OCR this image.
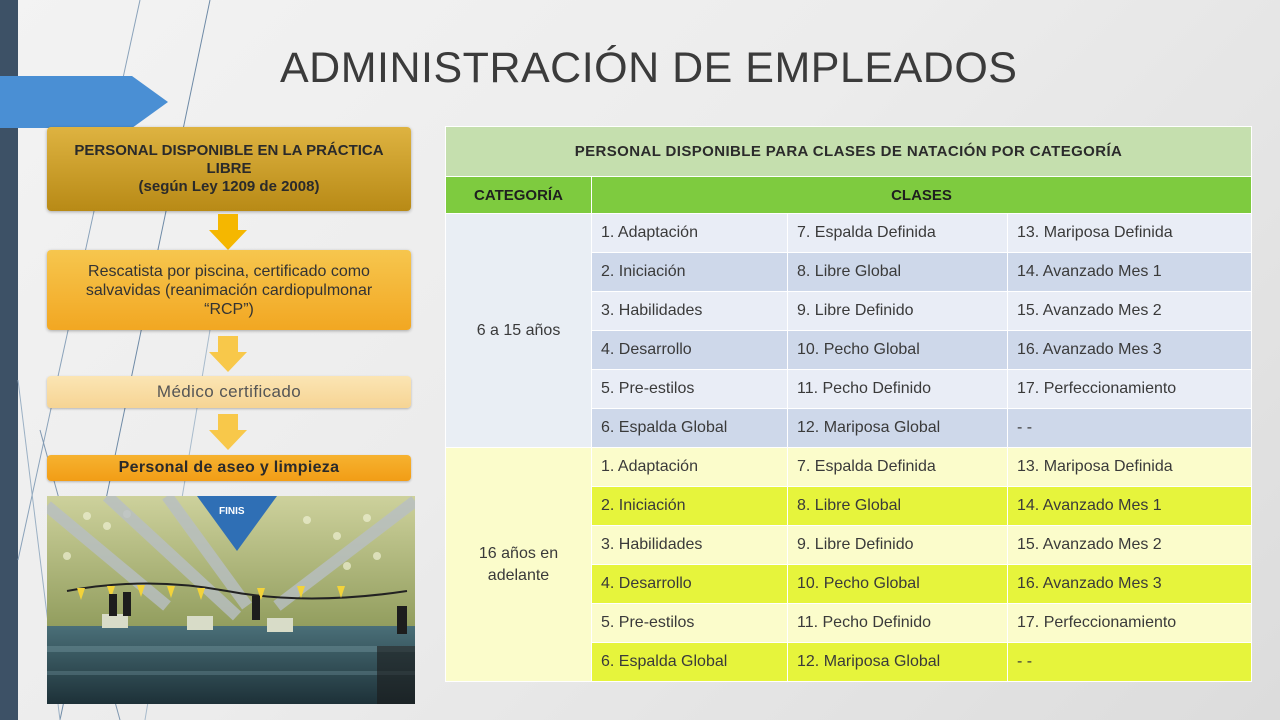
ADMINISTRACIÓN DE EMPLEADOS
PERSONAL DISPONIBLE EN LA PRÁCTICA LIBRE
(según Ley 1209 de 2008)
Rescatista por piscina, certificado como salvavidas (reanimación cardiopulmonar “RCP”)
Médico certificado
Personal de aseo y limpieza
FINIS
PERSONAL DISPONIBLE PARA CLASES DE NATACIÓN POR CATEGORÍA			
CATEGORÍA	CLASES		
6 a 15 años	1. Adaptación	7. Espalda Definida	13. Mariposa Definida
	2. Iniciación	8. Libre Global	14. Avanzado Mes 1
	3. Habilidades	9. Libre Definido	15. Avanzado Mes 2
	4. Desarrollo	10. Pecho Global	16. Avanzado Mes 3
	5. Pre-estilos	11. Pecho Definido	17. Perfeccionamiento
	6. Espalda Global	12. Mariposa Global	- -
16 años en adelante	1. Adaptación	7. Espalda Definida	13. Mariposa Definida
	2. Iniciación	8. Libre Global	14. Avanzado Mes 1
	3. Habilidades	9. Libre Definido	15. Avanzado Mes 2
	4. Desarrollo	10. Pecho Global	16. Avanzado Mes 3
	5. Pre-estilos	11. Pecho Definido	17. Perfeccionamiento
	6. Espalda Global	12. Mariposa Global	- -
